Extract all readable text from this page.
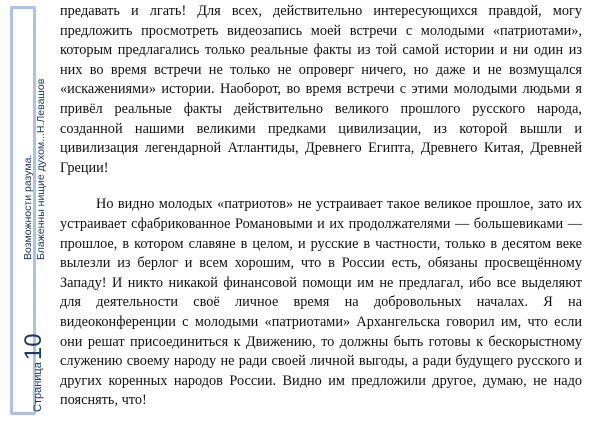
Страница
10
Возможности разума. Блаженны нищие духом...Н.Левашов

предавать и лгать! Для всех, действительно интересующихся правдой, могу предложить просмотреть видеозапись моей встречи с молодыми «патриотами», которым предлагались только реальные факты из той самой истории и ни один из них во время встречи не только не опроверг ничего, но даже и не возмущался «искажениями» истории. Наоборот, во время встречи с этими молодыми людьми я привёл реальные факты действительно великого прошлого русского народа, созданной нашими великими предками цивилизации, из которой вышли и цивилизация легендарной Атлантиды, Древнего Египта, Древнего Китая, Древней Греции!

Но видно молодых «патриотов» не устраивает такое великое прошлое, зато их устраивает сфабрикованное Романовыми и их продолжателями — большевиками — прошлое, в котором славяне в целом, и русские в частности, только в десятом веке вылезли из берлог и всем хорошим, что в России есть, обязаны просвещённому Западу! И никто никакой финансовой помощи им не предлагал, ибо все выделяют для деятельности своё личное время на добровольных началах. Я на видеоконференции с молодыми «патриотами» Архангельска говорил им, что если они решат присоединиться к Движению, то должны быть готовы к бескорыстному служению своему народу не ради своей личной выгоды, а ради будущего русского и других коренных народов России. Видно им предложили другое, думаю, не надо пояснять, что!
